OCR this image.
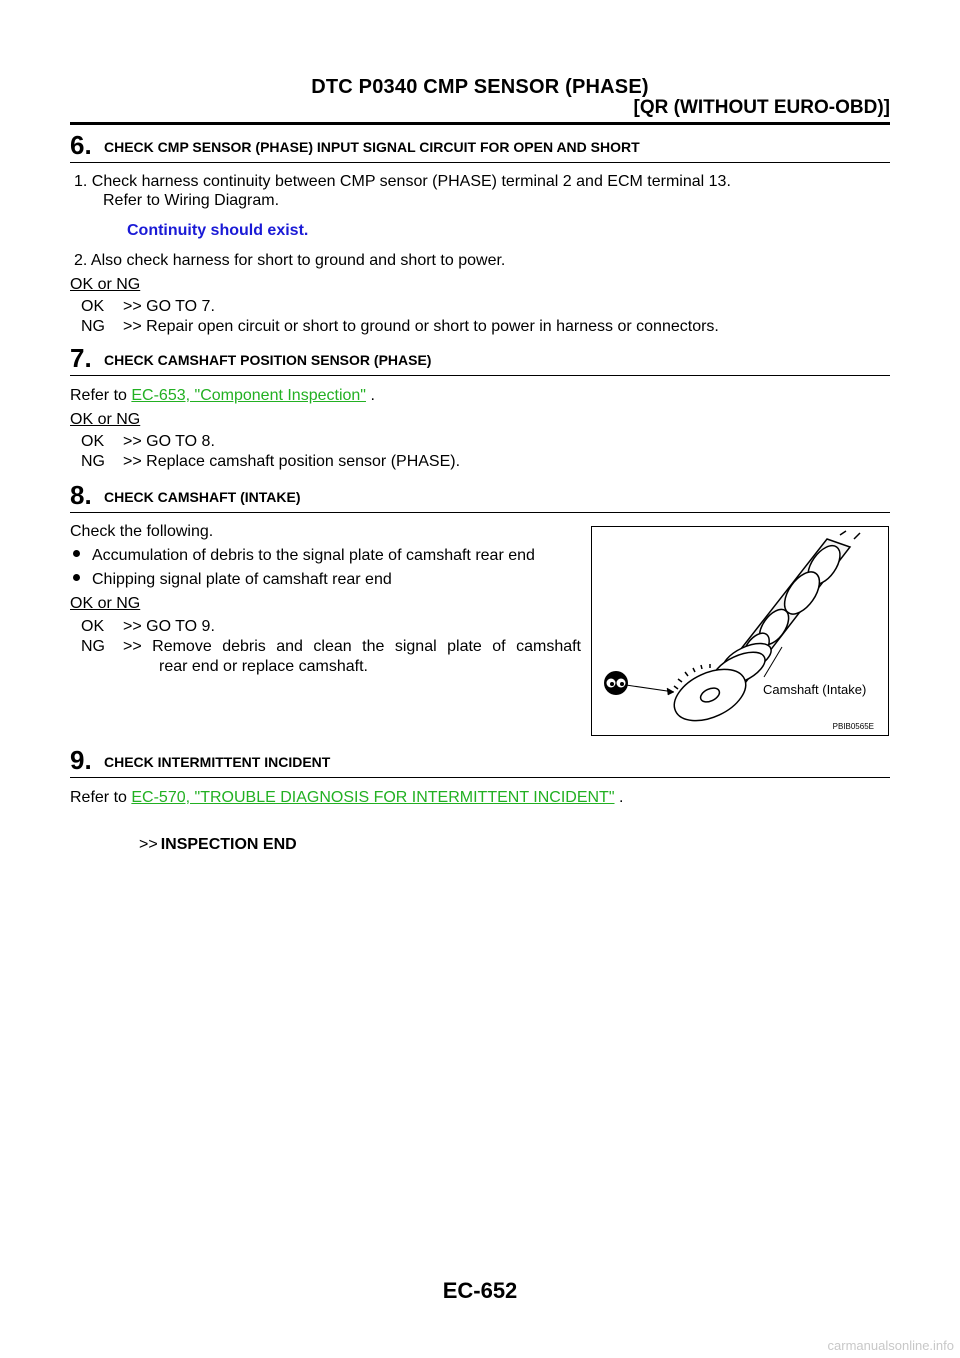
DTC P0340 CMP SENSOR (PHASE)
[QR (WITHOUT EURO-OBD)]
6. CHECK CMP SENSOR (PHASE) INPUT SIGNAL CIRCUIT FOR OPEN AND SHORT
1. Check harness continuity between CMP sensor (PHASE) terminal 2 and ECM terminal 13.
Refer to Wiring Diagram.
Continuity should exist.
2. Also check harness for short to ground and short to power.
OK or NG
OK	>> GO TO 7.
NG	>> Repair open circuit or short to ground or short to power in harness or connectors.
7. CHECK CAMSHAFT POSITION SENSOR (PHASE)
Refer to EC-653, "Component Inspection" .
OK or NG
OK	>> GO TO 8.
NG	>> Replace camshaft position sensor (PHASE).
8. CHECK CAMSHAFT (INTAKE)
Check the following.
Accumulation of debris to the signal plate of camshaft rear end
Chipping signal plate of camshaft rear end
OK or NG
OK	>> GO TO 9.
NG	>> Remove debris and clean the signal plate of camshaft
rear end or replace camshaft.
PBIB0565E
Camshaft (Intake)
9. CHECK INTERMITTENT INCIDENT
Refer to EC-570, "TROUBLE DIAGNOSIS FOR INTERMITTENT INCIDENT" .
>> INSPECTION END
EC-652
carmanualsonline.info
